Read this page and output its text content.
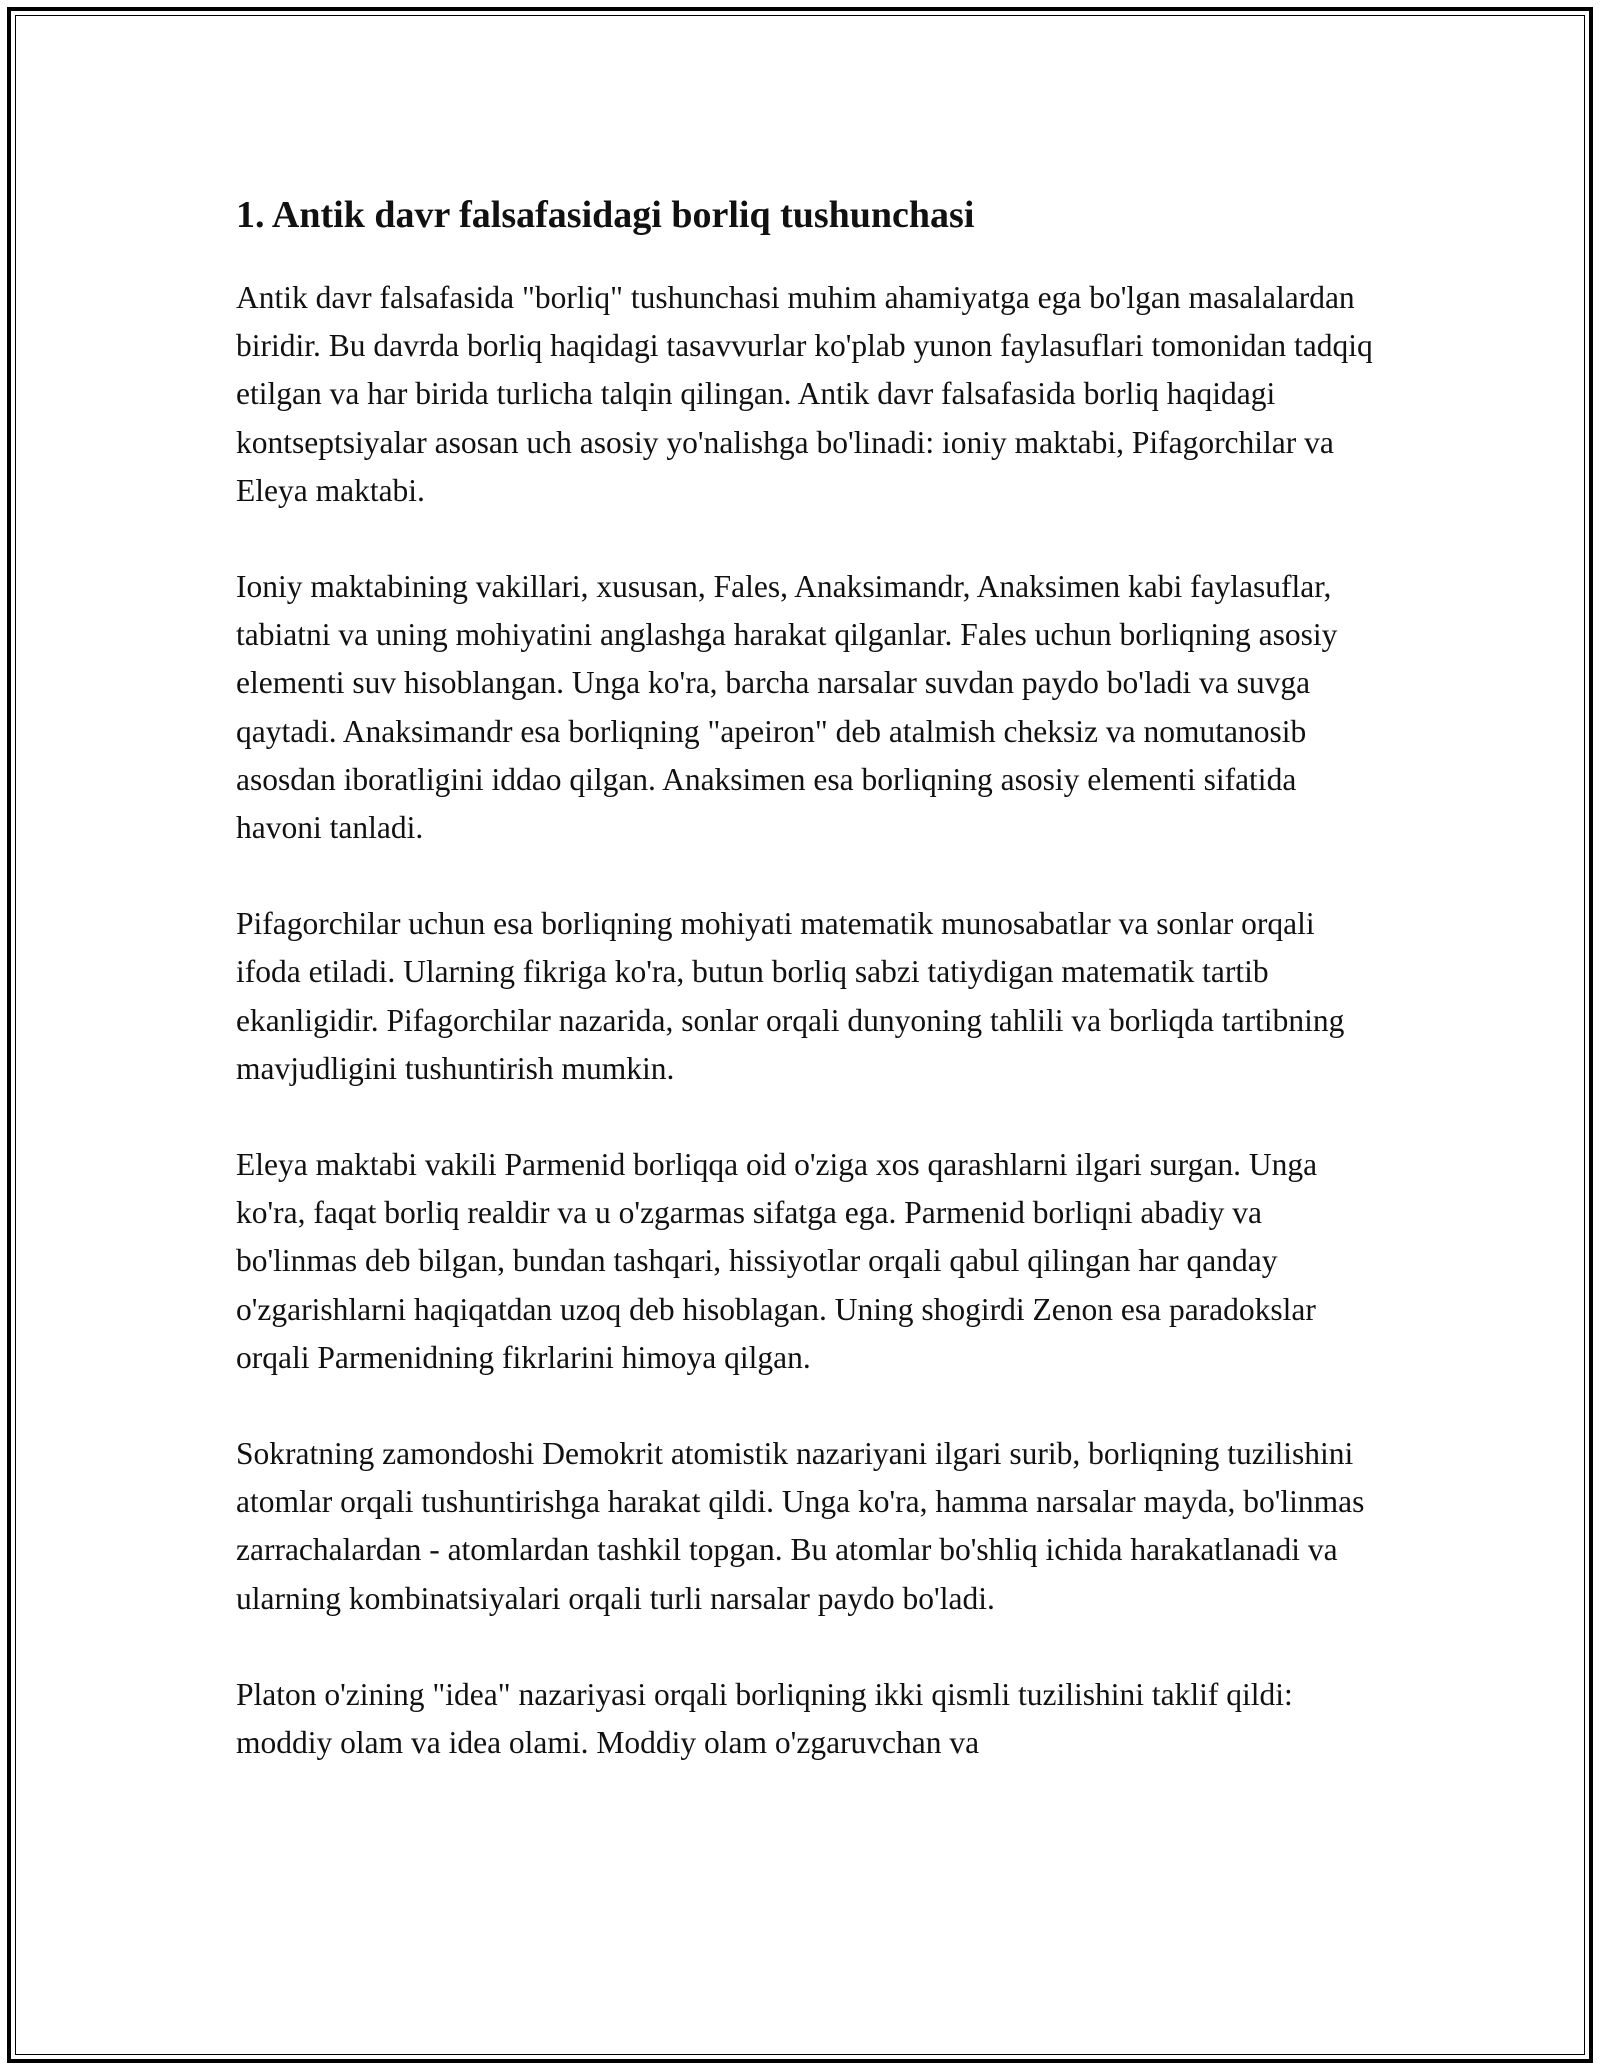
1. Antik davr falsafasidagi borliq tushunchasi

Antik davr falsafasida "borliq" tushunchasi muhim ahamiyatga ega bo'lgan masalalardan biridir. Bu davrda borliq haqidagi tasavvurlar ko'plab yunon faylasuflari tomonidan tadqiq etilgan va har birida turlicha talqin qilingan. Antik davr falsafasida borliq haqidagi kontseptsiyalar asosan uch asosiy yo'nalishga bo'linadi: ioniy maktabi, Pifagorchilar va Eleya maktabi.

Ioniy maktabining vakillari, xususan, Fales, Anaksimandr, Anaksimen kabi faylasuflar, tabiatni va uning mohiyatini anglashga harakat qilganlar. Fales uchun borliqning asosiy elementi suv hisoblangan. Unga ko'ra, barcha narsalar suvdan paydo bo'ladi va suvga qaytadi. Anaksimandr esa borliqning "apeiron" deb atalmish cheksiz va nomutanosib asosdan iboratligini iddao qilgan. Anaksimen esa borliqning asosiy elementi sifatida havoni tanladi.

Pifagorchilar uchun esa borliqning mohiyati matematik munosabatlar va sonlar orqali ifoda etiladi. Ularning fikriga ko'ra, butun borliq sabzi tatiydigan matematik tartib ekanligidir. Pifagorchilar nazarida, sonlar orqali dunyoning tahlili va borliqda tartibning mavjudligini tushuntirish mumkin.

Eleya maktabi vakili Parmenid borliqqa oid o'ziga xos qarashlarni ilgari surgan. Unga ko'ra, faqat borliq realdir va u o'zgarmas sifatga ega. Parmenid borliqni abadiy va bo'linmas deb bilgan, bundan tashqari, hissiyotlar orqali qabul qilingan har qanday o'zgarishlarni haqiqatdan uzoq deb hisoblagan. Uning shogirdi Zenon esa paradokslar orqali Parmenidning fikrlarini himoya qilgan.

Sokratning zamondoshi Demokrit atomistik nazariyani ilgari surib, borliqning tuzilishini atomlar orqali tushuntirishga harakat qildi. Unga ko'ra, hamma narsalar mayda, bo'linmas zarrachalardan - atomlardan tashkil topgan. Bu atomlar bo'shliq ichida harakatlanadi va ularning kombinatsiyalari orqali turli narsalar paydo bo'ladi.

Platon o'zining "idea" nazariyasi orqali borliqning ikki qismli tuzilishini taklif qildi: moddiy olam va idea olami. Moddiy olam o'zgaruvchan va
